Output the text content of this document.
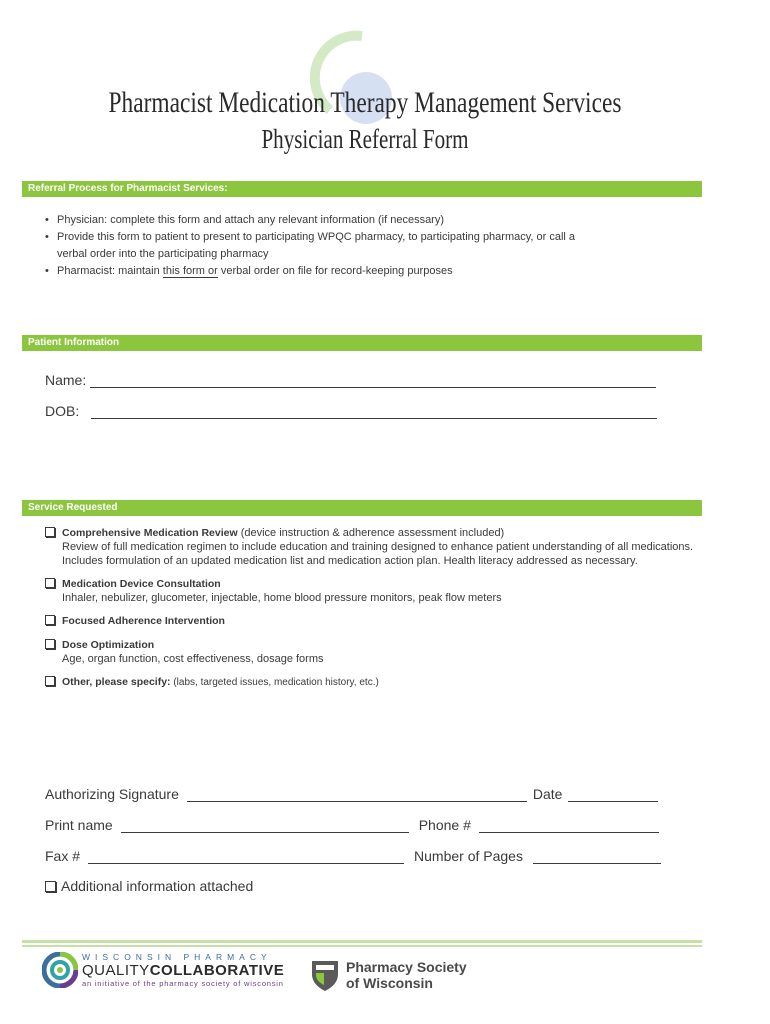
Pharmacist Medication Therapy Management Services
Physician Referral Form
Referral Process for Pharmacist Services:
• Physician: complete this form and attach any relevant information (if necessary)
• Provide this form to patient to present to participating WPQC pharmacy, to participating pharmacy, or call a
verbal order into the participating pharmacy
• Pharmacist: maintain this form or verbal order on file for record-keeping purposes
Patient Information
Name:
DOB:
Service Requested
Comprehensive Medication Review (device instruction & adherence assessment included)
Review of full medication regimen to include education and training designed to enhance patient understanding of all medications. Includes formulation of an updated medication list and medication action plan. Health literacy addressed as necessary.
Medication Device Consultation
Inhaler, nebulizer, glucometer, injectable, home blood pressure monitors, peak flow meters
Focused Adherence Intervention
Dose Optimization
Age, organ function, cost effectiveness, dosage forms
Other, please specify: (labs, targeted issues, medication history, etc.)
Authorizing Signature	Date
Print name	Phone #
Fax #	Number of Pages
Additional information attached
WISCONSIN PHARMACY
QUALITYCOLLABORATIVE
an initiative of the pharmacy society of wisconsin
Pharmacy Society
of Wisconsin
